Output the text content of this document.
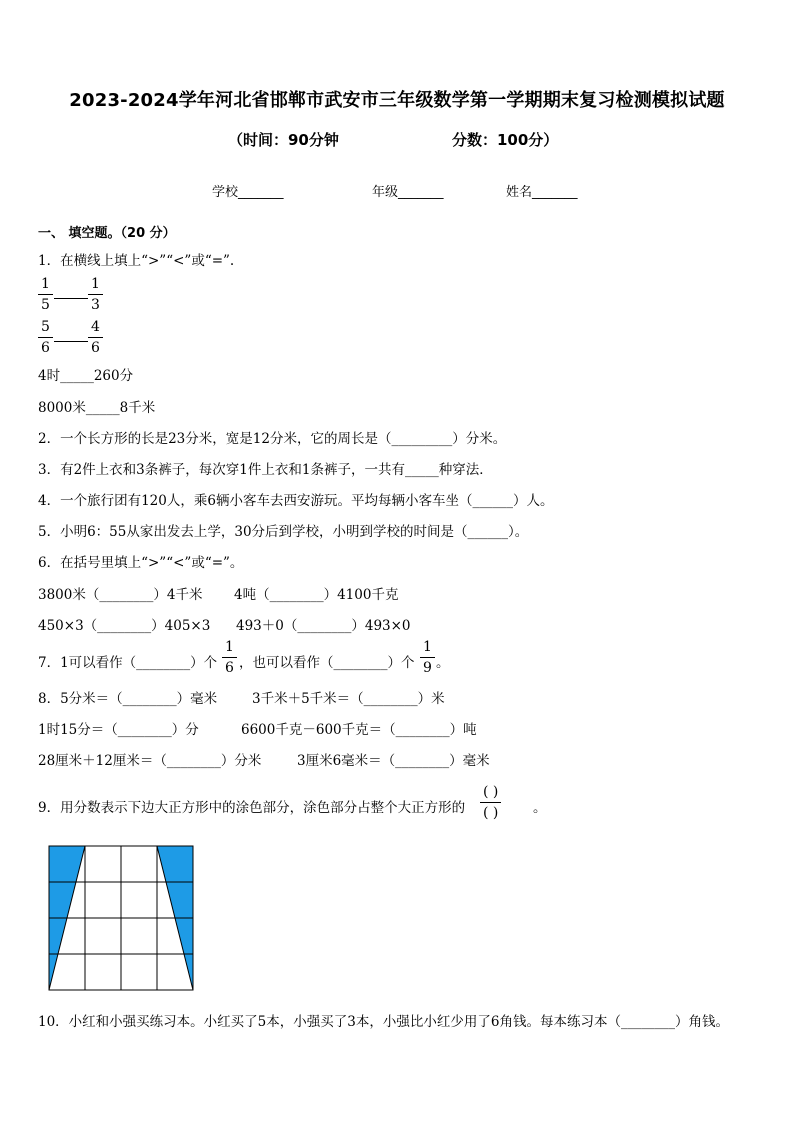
2023-2024学年河北省邯郸市武安市三年级数学第一学期期末复习检测模拟试题
（时间：90分钟	分数：100分）
学校_______	年级_______	姓名_______
一、 填空题。（20 分）
1．在横线上填上“>”“<”或“=”.
$\frac{1}{5}$	$\frac{1}{3}$
$\frac{5}{6}$	$\frac{4}{6}$
4时_____260分
8000米_____8千米
2．一个长方形的长是23分米，宽是12分米，它的周长是（_________）分米。
3．有2件上衣和3条裤子，每次穿1件上衣和1条裤子，一共有_____种穿法．
4．一个旅行团有120人，乘6辆小客车去西安游玩。平均每辆小客车坐（______）人。
5．小明6：55从家出发去上学，30分后到学校，小明到学校的时间是（______）。
6．在括号里填上“>”“<”或“=”。
3800米（________）4千米 4吨（________）4100千克
450×3（________）405×3 493＋0（________）493×0
7．1可以看作（________）个 $\frac{1}{6}$ ，也可以看作（________）个 $\frac{1}{9}$ 。
8．5分米＝（________）毫米	3千米＋5千米＝（________）米
1时15分＝（________）分	6600千克－600千克＝（________）吨
28厘米＋12厘米＝（________）分米	3厘米6毫米＝（________）毫米
9．用分数表示下边大正方形中的涂色部分，涂色部分占整个大正方形的
( )
( )	。
10．小红和小强买练习本。小红买了5本，小强买了3本，小强比小红少用了6角钱。每本练习本（________）角钱。
